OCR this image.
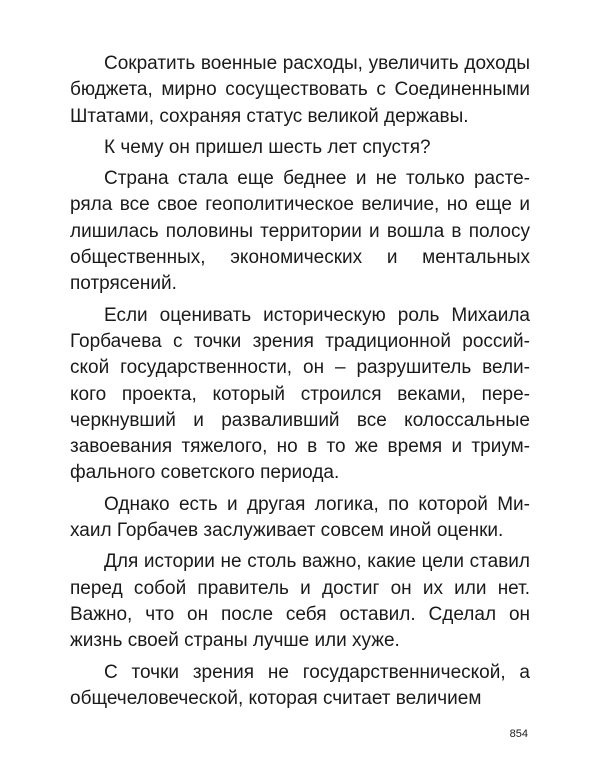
Сократить военные расходы, увеличить доходы бюджета, мирно сосуществовать с Соединенными Штатами, сохраняя статус великой державы.

К чему он пришел шесть лет спустя?

Страна стала еще беднее и не только растеряла все свое геополитическое величие, но еще и лишилась половины территории и вошла в полосу общественных, экономических и ментальных потрясений.

Если оценивать историческую роль Михаила Горбачева с точки зрения традиционной российской государственности, он – разрушитель великого проекта, который строился веками, перечеркнувший и разваливший все колоссальные завоевания тяжелого, но в то же время и триумфального советского периода.

Однако есть и другая логика, по которой Михаил Горбачев заслуживает совсем иной оценки.

Для истории не столь важно, какие цели ставил перед собой правитель и достиг он их или нет. Важно, что он после себя оставил. Сделал он жизнь своей страны лучше или хуже.

С точки зрения не государственнической, а общечеловеческой, которая считает величием

854
